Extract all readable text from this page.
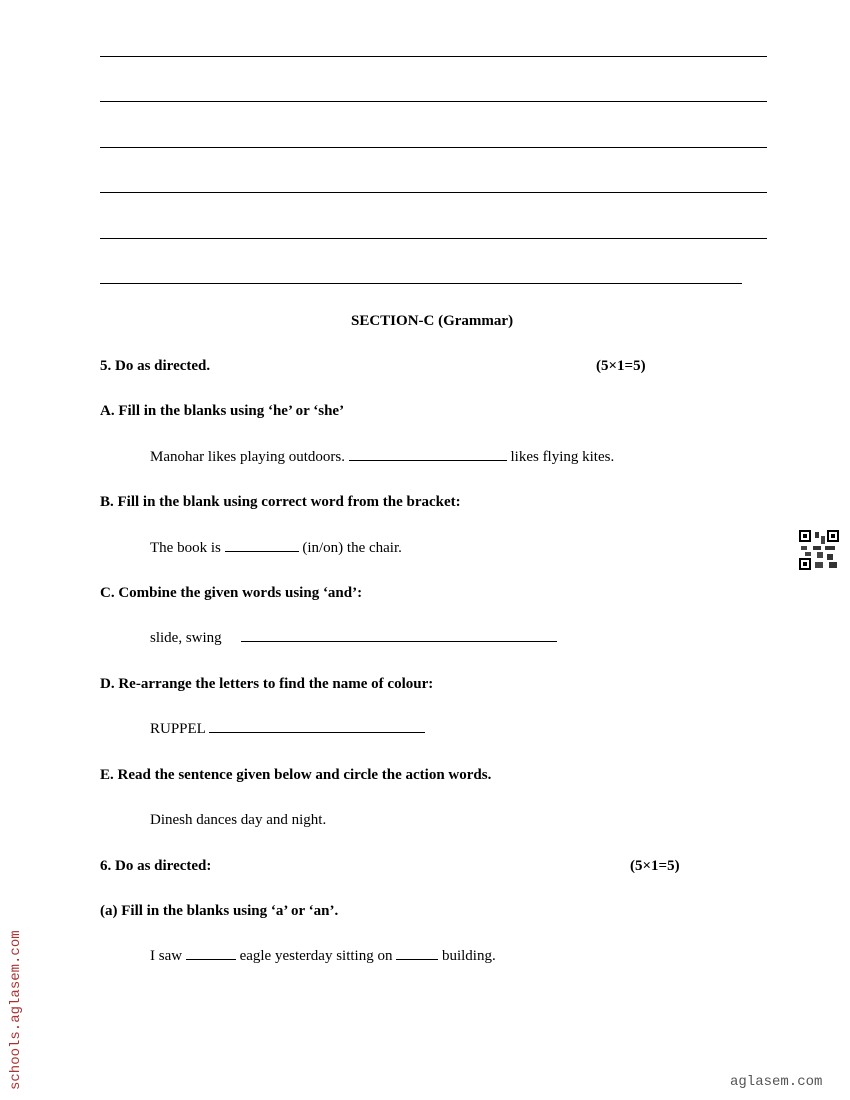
SECTION-C (Grammar)
5. Do as directed.	(5×1=5)
A. Fill in the blanks using ‘he’ or ‘she’
Manohar likes playing outdoors.	likes flying kites.
B. Fill in the blank using correct word from the bracket:
The book is	(in/on) the chair.
C. Combine the given words using ‘and’:
slide, swing
D. Re-arrange the letters to find the name of colour:
RUPPEL
E. Read the sentence given below and circle the action words.
Dinesh dances day and night.
6. Do as directed:	(5×1=5)
(a) Fill in the blanks using ‘a’ or ‘an’.
I saw	eagle yesterday sitting on	building.
schools.aglasem.com	aglasem.com
